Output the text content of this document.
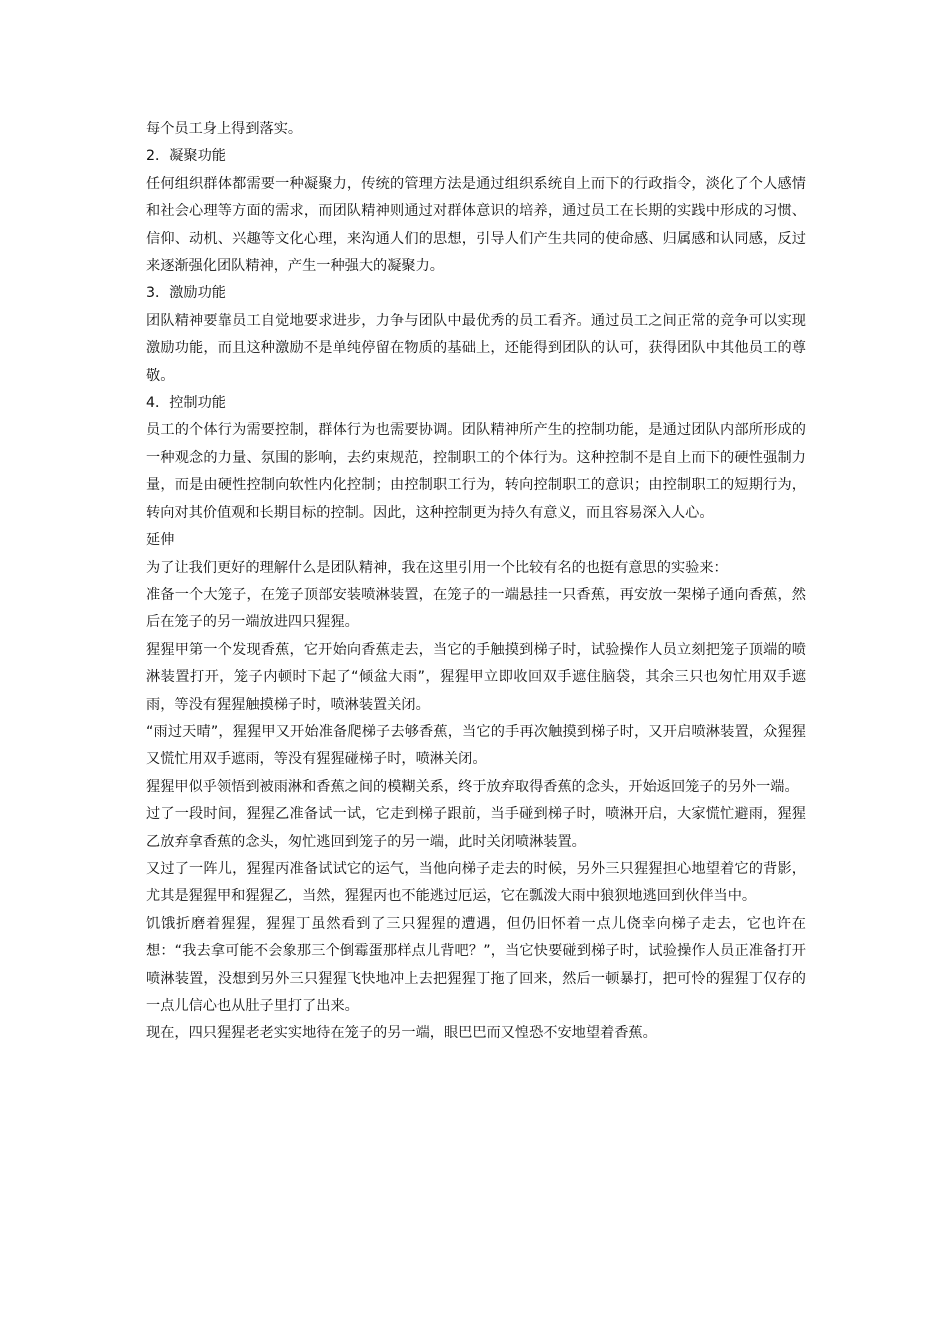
每个员工身上得到落实。

2．凝聚功能

任何组织群体都需要一种凝聚力，传统的管理方法是通过组织系统自上而下的行政指令，淡化了个人感情和社会心理等方面的需求，而团队精神则通过对群体意识的培养，通过员工在长期的实践中形成的习惯、信仰、动机、兴趣等文化心理，来沟通人们的思想，引导人们产生共同的使命感、归属感和认同感，反过来逐渐强化团队精神，产生一种强大的凝聚力。

3．激励功能

团队精神要靠员工自觉地要求进步，力争与团队中最优秀的员工看齐。通过员工之间正常的竞争可以实现激励功能，而且这种激励不是单纯停留在物质的基础上，还能得到团队的认可，获得团队中其他员工的尊敬。

4．控制功能

员工的个体行为需要控制，群体行为也需要协调。团队精神所产生的控制功能，是通过团队内部所形成的一种观念的力量、氛围的影响，去约束规范，控制职工的个体行为。这种控制不是自上而下的硬性强制力量，而是由硬性控制向软性内化控制；由控制职工行为，转向控制职工的意识；由控制职工的短期行为，转向对其价值观和长期目标的控制。因此，这种控制更为持久有意义，而且容易深入人心。

延伸

为了让我们更好的理解什么是团队精神，我在这里引用一个比较有名的也挺有意思的实验来：

准备一个大笼子，在笼子顶部安装喷淋装置，在笼子的一端悬挂一只香蕉，再安放一架梯子通向香蕉，然后在笼子的另一端放进四只猩猩。

猩猩甲第一个发现香蕉，它开始向香蕉走去，当它的手触摸到梯子时，试验操作人员立刻把笼子顶端的喷淋装置打开，笼子内顿时下起了“倾盆大雨”，猩猩甲立即收回双手遮住脑袋，其余三只也匆忙用双手遮雨，等没有猩猩触摸梯子时，喷淋装置关闭。

“雨过天晴”，猩猩甲又开始准备爬梯子去够香蕉，当它的手再次触摸到梯子时，又开启喷淋装置，众猩猩又慌忙用双手遮雨，等没有猩猩碰梯子时，喷淋关闭。

猩猩甲似乎领悟到被雨淋和香蕉之间的模糊关系，终于放弃取得香蕉的念头，开始返回笼子的另外一端。

过了一段时间，猩猩乙准备试一试，它走到梯子跟前，当手碰到梯子时，喷淋开启，大家慌忙避雨，猩猩乙放弃拿香蕉的念头，匆忙逃回到笼子的另一端，此时关闭喷淋装置。

又过了一阵儿，猩猩丙准备试试它的运气，当他向梯子走去的时候，另外三只猩猩担心地望着它的背影，尤其是猩猩甲和猩猩乙，当然，猩猩丙也不能逃过厄运，它在瓢泼大雨中狼狈地逃回到伙伴当中。

饥饿折磨着猩猩，猩猩丁虽然看到了三只猩猩的遭遇，但仍旧怀着一点儿侥幸向梯子走去，它也许在想：“我去拿可能不会象那三个倒霉蛋那样点儿背吧？”，当它快要碰到梯子时，试验操作人员正准备打开喷淋装置，没想到另外三只猩猩飞快地冲上去把猩猩丁拖了回来，然后一顿暴打，把可怜的猩猩丁仅存的一点儿信心也从肚子里打了出来。

现在，四只猩猩老老实实地待在笼子的另一端，眼巴巴而又惶恐不安地望着香蕉。
